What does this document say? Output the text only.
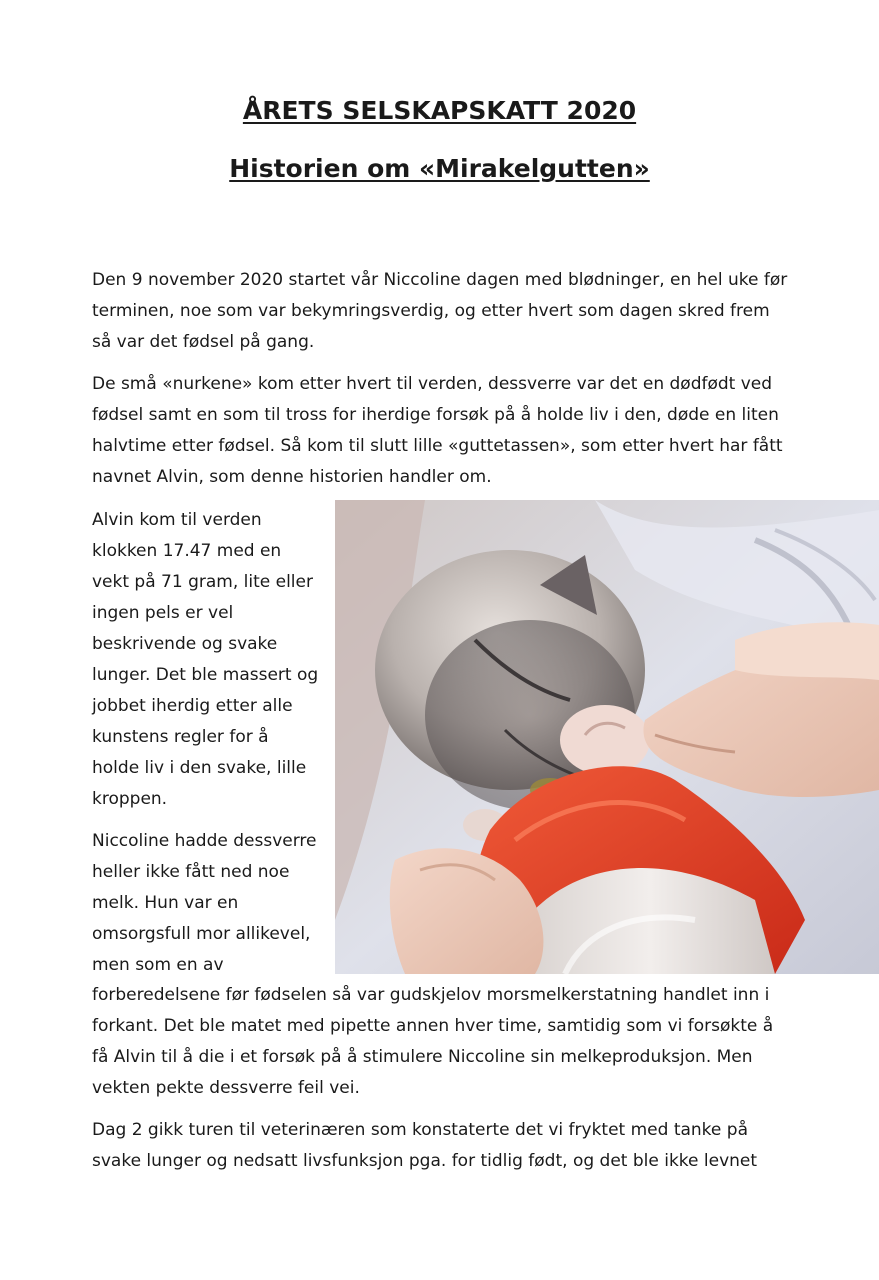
ÅRETS SELSKAPSKATT 2020
Historien om «Mirakelgutten»

Den 9 november 2020 startet vår Niccoline dagen med blødninger, en hel uke før
terminen, noe som var bekymringsverdig, og etter hvert som dagen skred frem
så var det fødsel på gang.

De små «nurkene» kom etter hvert til verden, dessverre var det en dødfødt ved
fødsel samt en som til tross for iherdige forsøk på å holde liv i den, døde en liten
halvtime etter fødsel. Så kom til slutt lille «guttetassen», som etter hvert har fått
navnet Alvin, som denne historien handler om.

Alvin kom til verden
klokken 17.47 med en
vekt på 71 gram, lite eller
ingen pels er vel
beskrivende og svake
lunger. Det ble massert og
jobbet iherdig etter alle
kunstens regler for å
holde liv i den svake, lille
kroppen.

Niccoline hadde dessverre
heller ikke fått ned noe
melk. Hun var en
omsorgsfull mor allikevel,
men som en av

forberedelsene før fødselen så var gudskjelov morsmelkerstatning handlet inn i
forkant. Det ble matet med pipette annen hver time, samtidig som vi forsøkte å
få Alvin til å die i et forsøk på å stimulere Niccoline sin melkeproduksjon. Men
vekten pekte dessverre feil vei.

Dag 2 gikk turen til veterinæren som konstaterte det vi fryktet med tanke på
svake lunger og nedsatt livsfunksjon pga. for tidlig født, og det ble ikke levnet
